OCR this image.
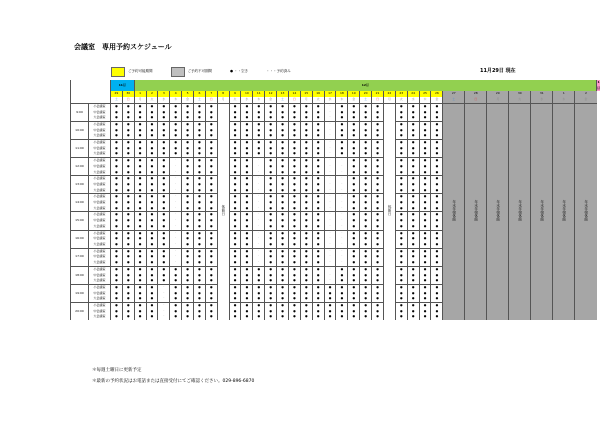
会議室　専用予約スケジュール
ご予約可能期間	ご予約不可期間	● ・・空き	・・・予約済み	11月29日 現在
		11月		12月																																	1月
		29	30	1	2	3	4	5	6	7	8	9	10	11	12	13	14	15	16	17	18	19	20	21	22	23	24	25	26	27	28	29	30	31	1	2	
		土	日	月	火	水	木	金	土	日	月	火	水	木	金	土	日	月	火	水	木	金	土	日	月	火	水	木	金	土	日	月	火	水	木	金	
9:00	小会議室	●	●	●	●	●	●	●	●	●	休館日	●	●	●	●	●	●	●	●	・	●	●	●	●	休館日	●	●	●	●	年末年始休館	年末年始休館	年末年始休館	年末年始休館	年末年始休館	年末年始休館	年末年始休館	
	中会議室	●	●	●	●	●	●	●	●	●		●	●	●	●	●	●	●	●	・	●	●	●	●		●	●	●	●								
	大会議室	●	●	●	●	●	●	●	●	●		●	●	●	●	●	●	●	●	・	●	●	●	●		●	●	●	●								
10:00	小会議室	●	●	●	●	●	●	●	●	●		●	●	●	●	●	●	●	●	・	●	●	●	●		●	●	●	●								
	中会議室	●	●	●	●	●	●	●	●	●		●	●	●	●	●	●	●	●	・	●	●	●	●		●	●	●	●								
	大会議室	●	●	●	●	●	●	●	●	●		●	●	●	●	●	●	●	●	・	●	●	●	●		●	●	●	●								
11:00	小会議室	●	●	●	●	●	●	●	●	●		●	●	●	●	●	●	●	●	・	●	●	●	●		●	●	●	●								
	中会議室	●	●	●	●	●	●	●	●	●		●	●	●	●	●	●	●	●	・	●	●	●	●		●	●	●	●								
	大会議室	●	●	●	●	●	●	●	●	●		●	●	●	●	●	●	●	●	・	●	●	●	●		●	●	●	●								
12:00	小会議室	●	●	●	●	●	・	●	●	●		●	●	・	●	●	●	●	●	・	・	●	●	●		●	●	●	●								
	中会議室	●	●	●	●	●	・	●	●	●		●	●	・	●	●	●	●	●	・	・	●	●	●		●	●	●	●								
	大会議室	●	●	●	●	●	・	●	●	●		●	●	・	●	●	●	●	●	・	・	●	●	●		●	●	●	●								
13:00	小会議室	●	●	●	●	●	・	●	●	●		●	●	・	●	●	●	●	●	・	・	●	●	●		●	●	●	●								
	中会議室	●	●	●	●	●	・	●	●	●		●	●	・	●	●	●	●	●	・	・	●	●	●		●	●	●	●								
	大会議室	●	●	●	●	●	・	●	●	●		●	●	・	●	●	●	●	●	・	・	●	●	●		●	●	●	●								
14:00	小会議室	●	●	●	●	●	・	●	●	●		●	●	・	●	●	●	●	●	・	・	●	●	●		●	●	●	●								
	中会議室	●	●	●	●	●	・	●	●	●		●	●	・	●	●	●	●	●	・	・	●	●	●		●	●	●	●								
	大会議室	●	●	●	●	●	・	●	●	●		●	●	・	●	●	●	●	●	・	・	●	●	●		●	●	●	●								
15:00	小会議室	●	●	●	●	●	・	●	●	●		●	●	・	●	●	●	●	●	・	・	●	●	●		●	●	●	●								
	中会議室	●	●	●	●	●	・	●	●	●		●	●	・	●	●	●	●	●	・	・	●	●	●		●	●	●	●								
	大会議室	●	●	●	●	●	・	●	●	●		●	●	・	●	●	●	●	●	・	・	●	●	●		●	●	●	●								
16:00	小会議室	●	●	●	●	●	・	●	●	●		●	●	・	●	●	●	●	●	・	・	●	●	●		●	●	●	●								
	中会議室	●	●	●	●	●	・	●	●	●		●	●	・	●	●	●	●	●	・	・	●	●	●		●	●	●	●								
	大会議室	●	●	●	●	●	・	●	●	●		●	●	・	●	●	●	●	●	・	・	●	●	●		●	●	●	●								
17:00	小会議室	●	●	●	●	●	・	●	●	●		●	●	・	●	●	●	●	●	・	・	●	●	●		●	●	●	●								
	中会議室	●	●	●	●	●	・	●	●	●		●	●	・	●	●	●	●	●	・	・	●	●	●		●	●	●	●								
	大会議室	●	●	●	●	●	・	●	●	●		●	●	・	●	●	●	●	●	・	・	●	●	●		●	●	●	●								
18:00	小会議室	●	●	●	●	●	●	●	●	●		●	●	●	●	●	●	●	●	・	●	●	●	●		●	●	●	●								
	中会議室	●	●	●	●	●	●	●	●	●		●	●	●	●	●	●	●	●	・	●	●	●	●		●	●	●	●								
	大会議室	●	●	●	●	●	●	●	●	●		●	●	●	●	●	●	●	●	・	●	●	●	●		●	●	●	●								
19:00	小会議室	●	●	●	●	・	●	●	●	●		●	●	●	●	●	●	●	●	●	●	●	●	●		●	●	●	●								
	中会議室	●	●	●	●	・	●	●	●	●		●	●	●	●	●	●	●	●	●	●	●	●	●		●	●	●	●								
	大会議室	●	●	●	●	・	●	●	●	●		●	●	●	●	●	●	●	●	●	●	●	●	●		●	●	●	●								
20:00	小会議室	●	●	●	●	・	●	●	●	●		●	●	●	●	●	●	●	●	●	●	●	●	●		●	●	●	●								
	中会議室	●	●	●	●	・	●	●	●	●		●	●	●	●	●	●	●	●	●	●	●	●	●		●	●	●	●								
	大会議室	●	●	●	●	・	●	●	●	●		●	●	●	●	●	●	●	●	●	●	●	●	●		●	●	●	●								
＊毎週土曜日に更新予定
＊最新の予約状況はお電話または直接受付にてご確認ください。029-896-6870
